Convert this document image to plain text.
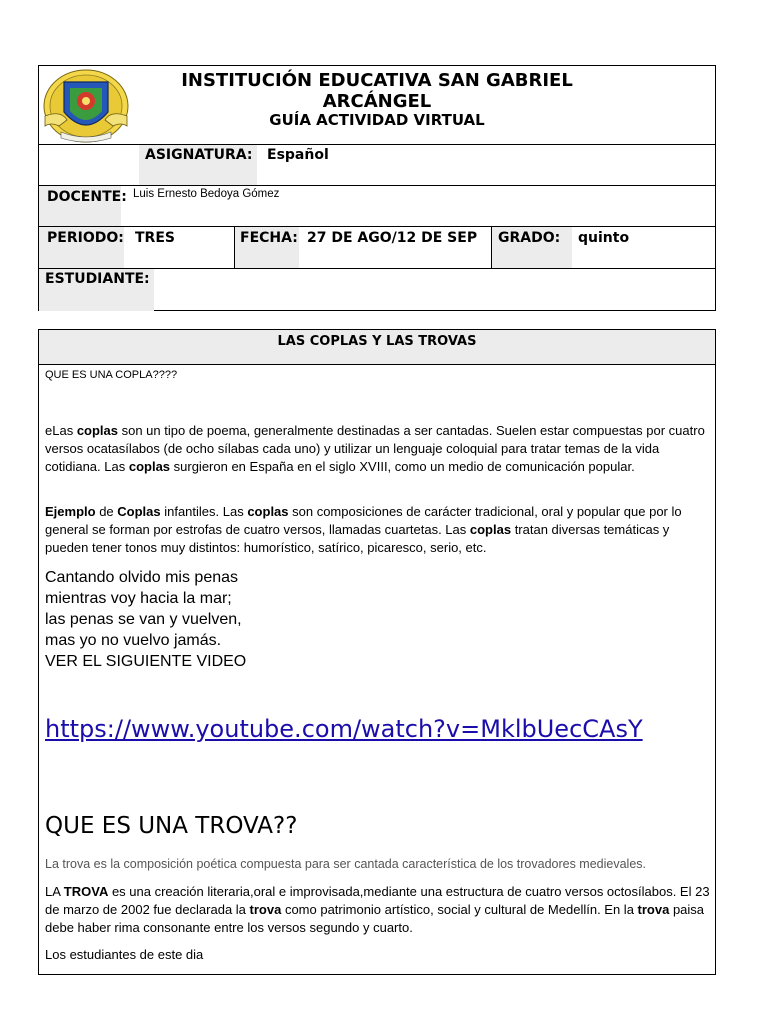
INSTITUCIÓN EDUCATIVA SAN GABRIEL ARCÁNGEL
GUÍA ACTIVIDAD VIRTUAL
ASIGNATURA: Español
DOCENTE: Luis Ernesto Bedoya Gómez
PERIODO: TRES	FECHA: 27 DE AGO/12 DE SEP GRADO: quinto
ESTUDIANTE:
LAS COPLAS Y LAS TROVAS
QUE ES UNA COPLA????
eLas coplas son un tipo de poema, generalmente destinadas a ser cantadas. Suelen estar compuestas por cuatro versos ocatasílabos (de ocho sílabas cada uno) y utilizar un lenguaje coloquial para tratar temas de la vida cotidiana. Las coplas surgieron en España en el siglo XVIII, como un medio de comunicación popular.
Ejemplo de Coplas infantiles. Las coplas son composiciones de carácter tradicional, oral y popular que por lo general se forman por estrofas de cuatro versos, llamadas cuartetas. Las coplas tratan diversas temáticas y pueden tener tonos muy distintos: humorístico, satírico, picaresco, serio, etc.
Cantando olvido mis penas
mientras voy hacia la mar;
las penas se van y vuelven,
mas yo no vuelvo jamás.
VER EL SIGUIENTE VIDEO
https://www.youtube.com/watch?v=MklbUecCAsY
QUE ES UNA TROVA??
La trova es la composición poética compuesta para ser cantada característica de los trovadores medievales.
LA TROVA es una creación literaria,oral e improvisada,mediante una estructura de cuatro versos octosílabos. El 23 de marzo de 2002 fue declarada la trova como patrimonio artístico, social y cultural de Medellín. En la trova paisa debe haber rima consonante entre los versos segundo y cuarto.
Los estudiantes de este dia
